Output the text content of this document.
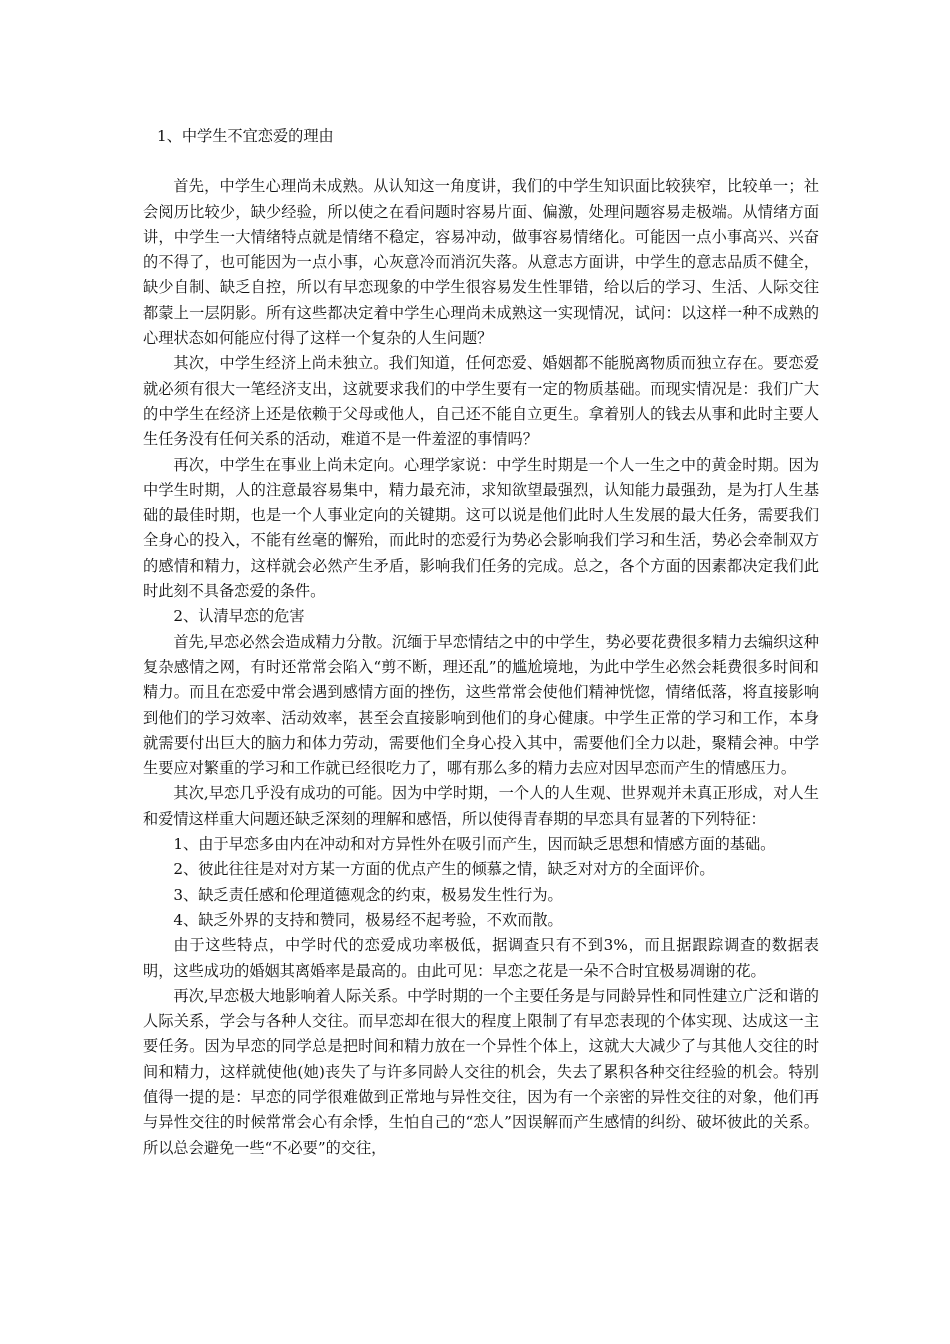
1、中学生不宜恋爱的理由

首先，中学生心理尚未成熟。从认知这一角度讲，我们的中学生知识面比较狭窄，比较单一；社会阅历比较少，缺少经验，所以使之在看问题时容易片面、偏激，处理问题容易走极端。从情绪方面讲，中学生一大情绪特点就是情绪不稳定，容易冲动，做事容易情绪化。可能因一点小事高兴、兴奋的不得了，也可能因为一点小事，心灰意冷而消沉失落。从意志方面讲，中学生的意志品质不健全，缺少自制、缺乏自控，所以有早恋现象的中学生很容易发生性罪错，给以后的学习、生活、人际交往都蒙上一层阴影。所有这些都决定着中学生心理尚未成熟这一实现情况，试问：以这样一种不成熟的心理状态如何能应付得了这样一个复杂的人生问题？

其次，中学生经济上尚未独立。我们知道，任何恋爱、婚姻都不能脱离物质而独立存在。要恋爱就必须有很大一笔经济支出，这就要求我们的中学生要有一定的物质基础。而现实情况是：我们广大的中学生在经济上还是依赖于父母或他人，自己还不能自立更生。拿着别人的钱去从事和此时主要人生任务没有任何关系的活动，难道不是一件羞涩的事情吗？

再次，中学生在事业上尚未定向。心理学家说：中学生时期是一个人一生之中的黄金时期。因为中学生时期，人的注意最容易集中，精力最充沛，求知欲望最强烈，认知能力最强劲，是为打人生基础的最佳时期，也是一个人事业定向的关键期。这可以说是他们此时人生发展的最大任务，需要我们全身心的投入，不能有丝毫的懈殆，而此时的恋爱行为势必会影响我们学习和生活，势必会牵制双方的感情和精力，这样就会必然产生矛盾，影响我们任务的完成。总之，各个方面的因素都决定我们此时此刻不具备恋爱的条件。

2、认清早恋的危害

首先,早恋必然会造成精力分散。沉缅于早恋情结之中的中学生，势必要花费很多精力去编织这种复杂感情之网，有时还常常会陷入“剪不断，理还乱”的尴尬境地，为此中学生必然会耗费很多时间和精力。而且在恋爱中常会遇到感情方面的挫伤，这些常常会使他们精神恍惚，情绪低落，将直接影响到他们的学习效率、活动效率，甚至会直接影响到他们的身心健康。中学生正常的学习和工作，本身就需要付出巨大的脑力和体力劳动，需要他们全身心投入其中，需要他们全力以赴，聚精会神。中学生要应对繁重的学习和工作就已经很吃力了，哪有那么多的精力去应对因早恋而产生的情感压力。

其次,早恋几乎没有成功的可能。因为中学时期，一个人的人生观、世界观并未真正形成，对人生和爱情这样重大问题还缺乏深刻的理解和感悟，所以使得青春期的早恋具有显著的下列特征：

1、由于早恋多由内在冲动和对方异性外在吸引而产生，因而缺乏思想和情感方面的基础。

2、彼此往往是对对方某一方面的优点产生的倾慕之情，缺乏对对方的全面评价。

3、缺乏责任感和伦理道德观念的约束，极易发生性行为。

4、缺乏外界的支持和赞同，极易经不起考验，不欢而散。

由于这些特点，中学时代的恋爱成功率极低，据调查只有不到3%，而且据跟踪调查的数据表明，这些成功的婚姻其离婚率是最高的。由此可见：早恋之花是一朵不合时宜极易凋谢的花。

再次,早恋极大地影响着人际关系。中学时期的一个主要任务是与同龄异性和同性建立广泛和谐的人际关系，学会与各种人交往。而早恋却在很大的程度上限制了有早恋表现的个体实现、达成这一主要任务。因为早恋的同学总是把时间和精力放在一个异性个体上，这就大大减少了与其他人交往的时间和精力，这样就使他(她)丧失了与许多同龄人交往的机会，失去了累积各种交往经验的机会。特别值得一提的是：早恋的同学很难做到正常地与异性交往，因为有一个亲密的异性交往的对象，他们再与异性交往的时候常常会心有余悸，生怕自己的“恋人”因误解而产生感情的纠纷、破坏彼此的关系。所以总会避免一些“不必要”的交往，
